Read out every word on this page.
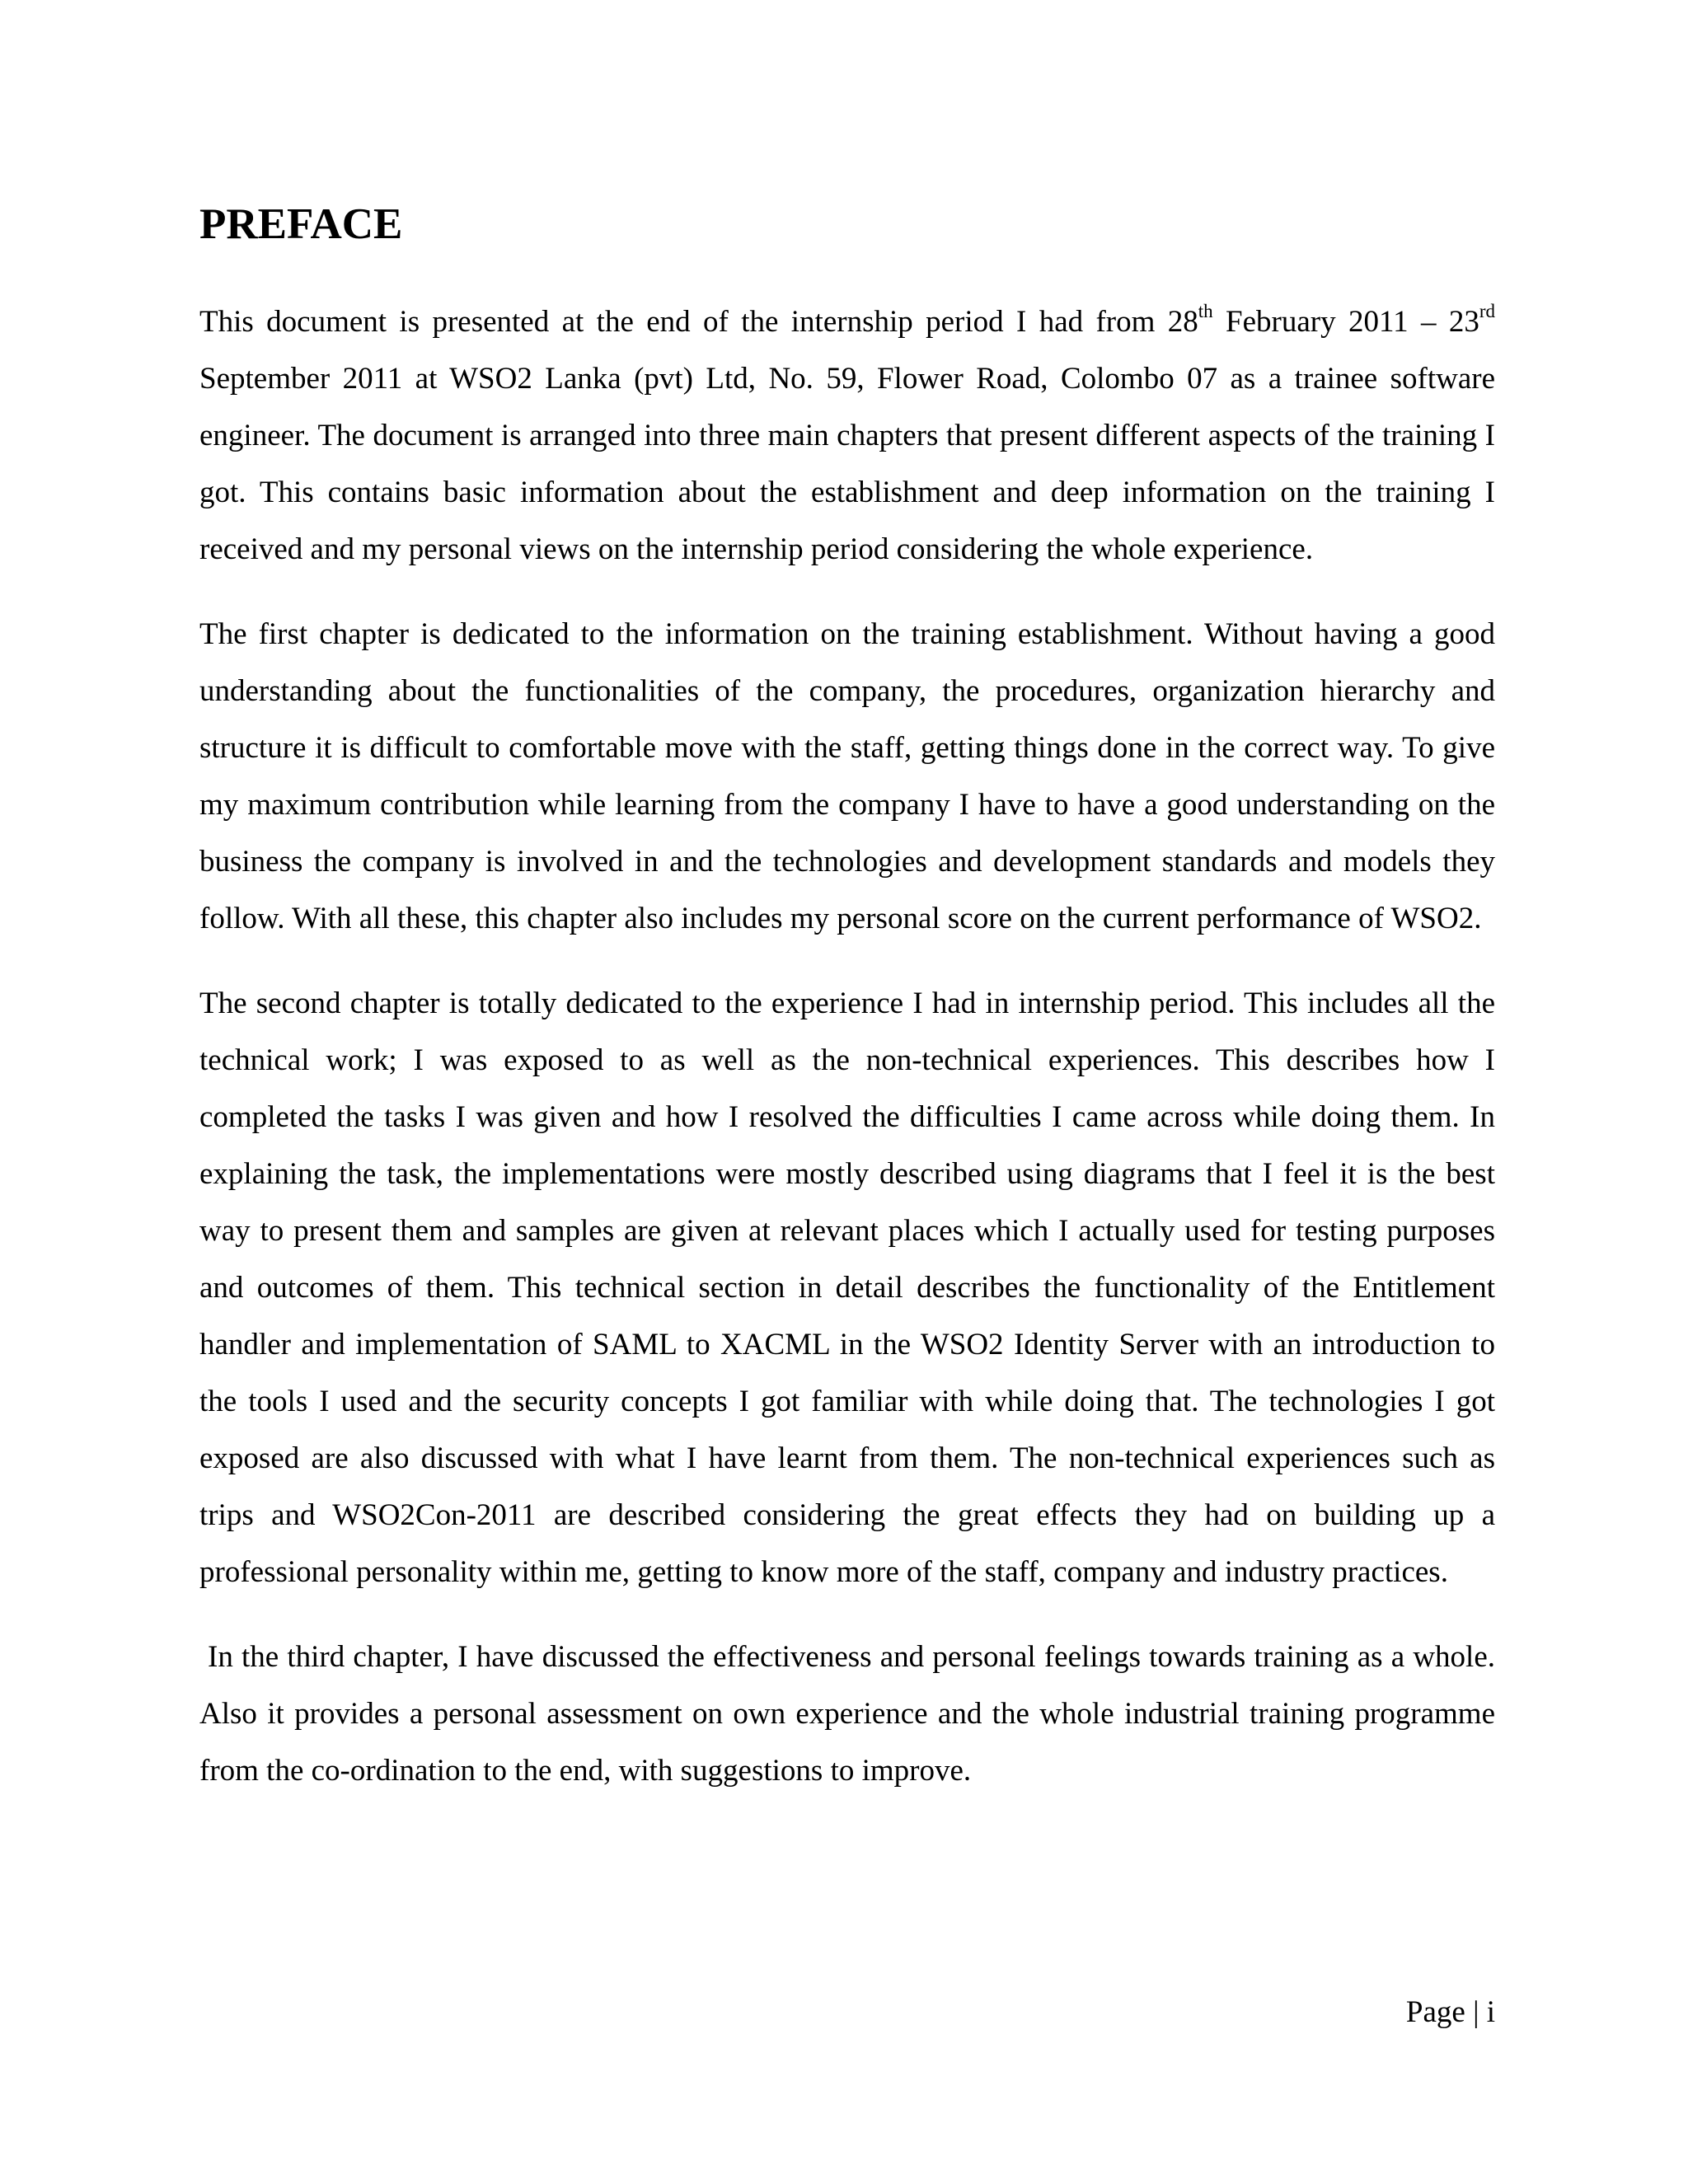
PREFACE

This document is presented at the end of the internship period I had from 28th February 2011 – 23rd September 2011 at WSO2 Lanka (pvt) Ltd, No. 59, Flower Road, Colombo 07 as a trainee software engineer. The document is arranged into three main chapters that present different aspects of the training I got. This contains basic information about the establishment and deep information on the training I received and my personal views on the internship period considering the whole experience.

The first chapter is dedicated to the information on the training establishment. Without having a good understanding about the functionalities of the company, the procedures, organization hierarchy and structure it is difficult to comfortable move with the staff, getting things done in the correct way. To give my maximum contribution while learning from the company I have to have a good understanding on the business the company is involved in and the technologies and development standards and models they follow. With all these, this chapter also includes my personal score on the current performance of WSO2.

The second chapter is totally dedicated to the experience I had in internship period. This includes all the technical work; I was exposed to as well as the non-technical experiences. This describes how I completed the tasks I was given and how I resolved the difficulties I came across while doing them. In explaining the task, the implementations were mostly described using diagrams that I feel it is the best way to present them and samples are given at relevant places which I actually used for testing purposes and outcomes of them. This technical section in detail describes the functionality of the Entitlement handler and implementation of SAML to XACML in the WSO2 Identity Server with an introduction to the tools I used and the security concepts I got familiar with while doing that. The technologies I got exposed are also discussed with what I have learnt from them. The non-technical experiences such as trips and WSO2Con-2011 are described considering the great effects they had on building up a professional personality within me, getting to know more of the staff, company and industry practices.

In the third chapter, I have discussed the effectiveness and personal feelings towards training as a whole. Also it provides a personal assessment on own experience and the whole industrial training programme from the co-ordination to the end, with suggestions to improve.

Page | i
